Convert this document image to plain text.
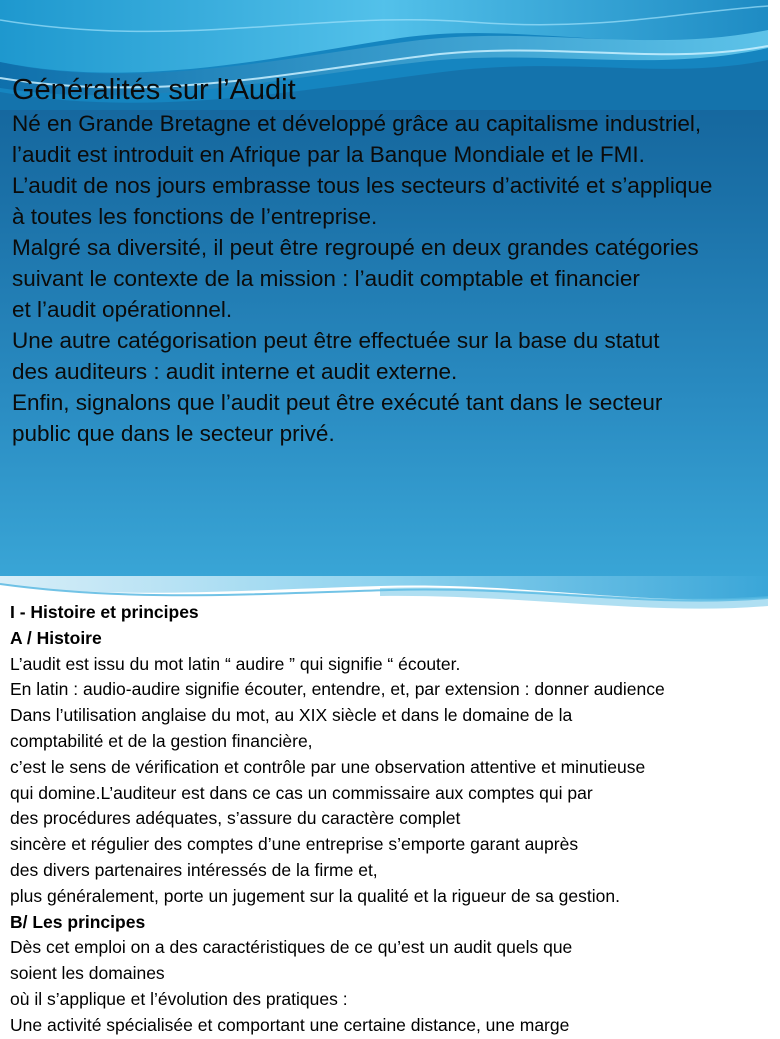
Généralités sur l’Audit
Né en Grande Bretagne et développé grâce au capitalisme industriel,
l’audit est introduit en Afrique par la Banque Mondiale et le FMI.
L’audit de nos jours embrasse tous les secteurs d’activité et s’applique
à toutes les fonctions de l’entreprise.
Malgré sa diversité, il peut être regroupé en deux grandes catégories
suivant le contexte de la mission : l’audit comptable et financier
et l’audit opérationnel.
Une autre catégorisation peut être effectuée sur la base du statut
des auditeurs : audit interne et audit externe.
Enfin, signalons que l’audit peut être exécuté tant dans le secteur
public que dans le secteur privé.
I - Histoire et principes
A / Histoire
L’audit est issu du mot latin “ audire ” qui signifie “ écouter.
En latin : audio-audire signifie écouter, entendre, et, par extension : donner audience
Dans l’utilisation anglaise du mot, au XIX siècle et dans le domaine de la
comptabilité et de la gestion financière,
c’est le sens de vérification et contrôle par une observation attentive et minutieuse
qui domine.L’auditeur est dans ce cas un commissaire aux comptes qui par
des procédures adéquates, s’assure du caractère complet
sincère et régulier des comptes d’une entreprise s’emporte garant auprès
des divers partenaires intéressés de la firme et,
plus généralement, porte un jugement sur la qualité et la rigueur de sa gestion.
B/ Les principes
Dès cet emploi on a des caractéristiques de ce qu’est un audit quels que
soient les domaines
où il s’applique et l’évolution des pratiques :
Une activité spécialisée et comportant une certaine distance, une marge
